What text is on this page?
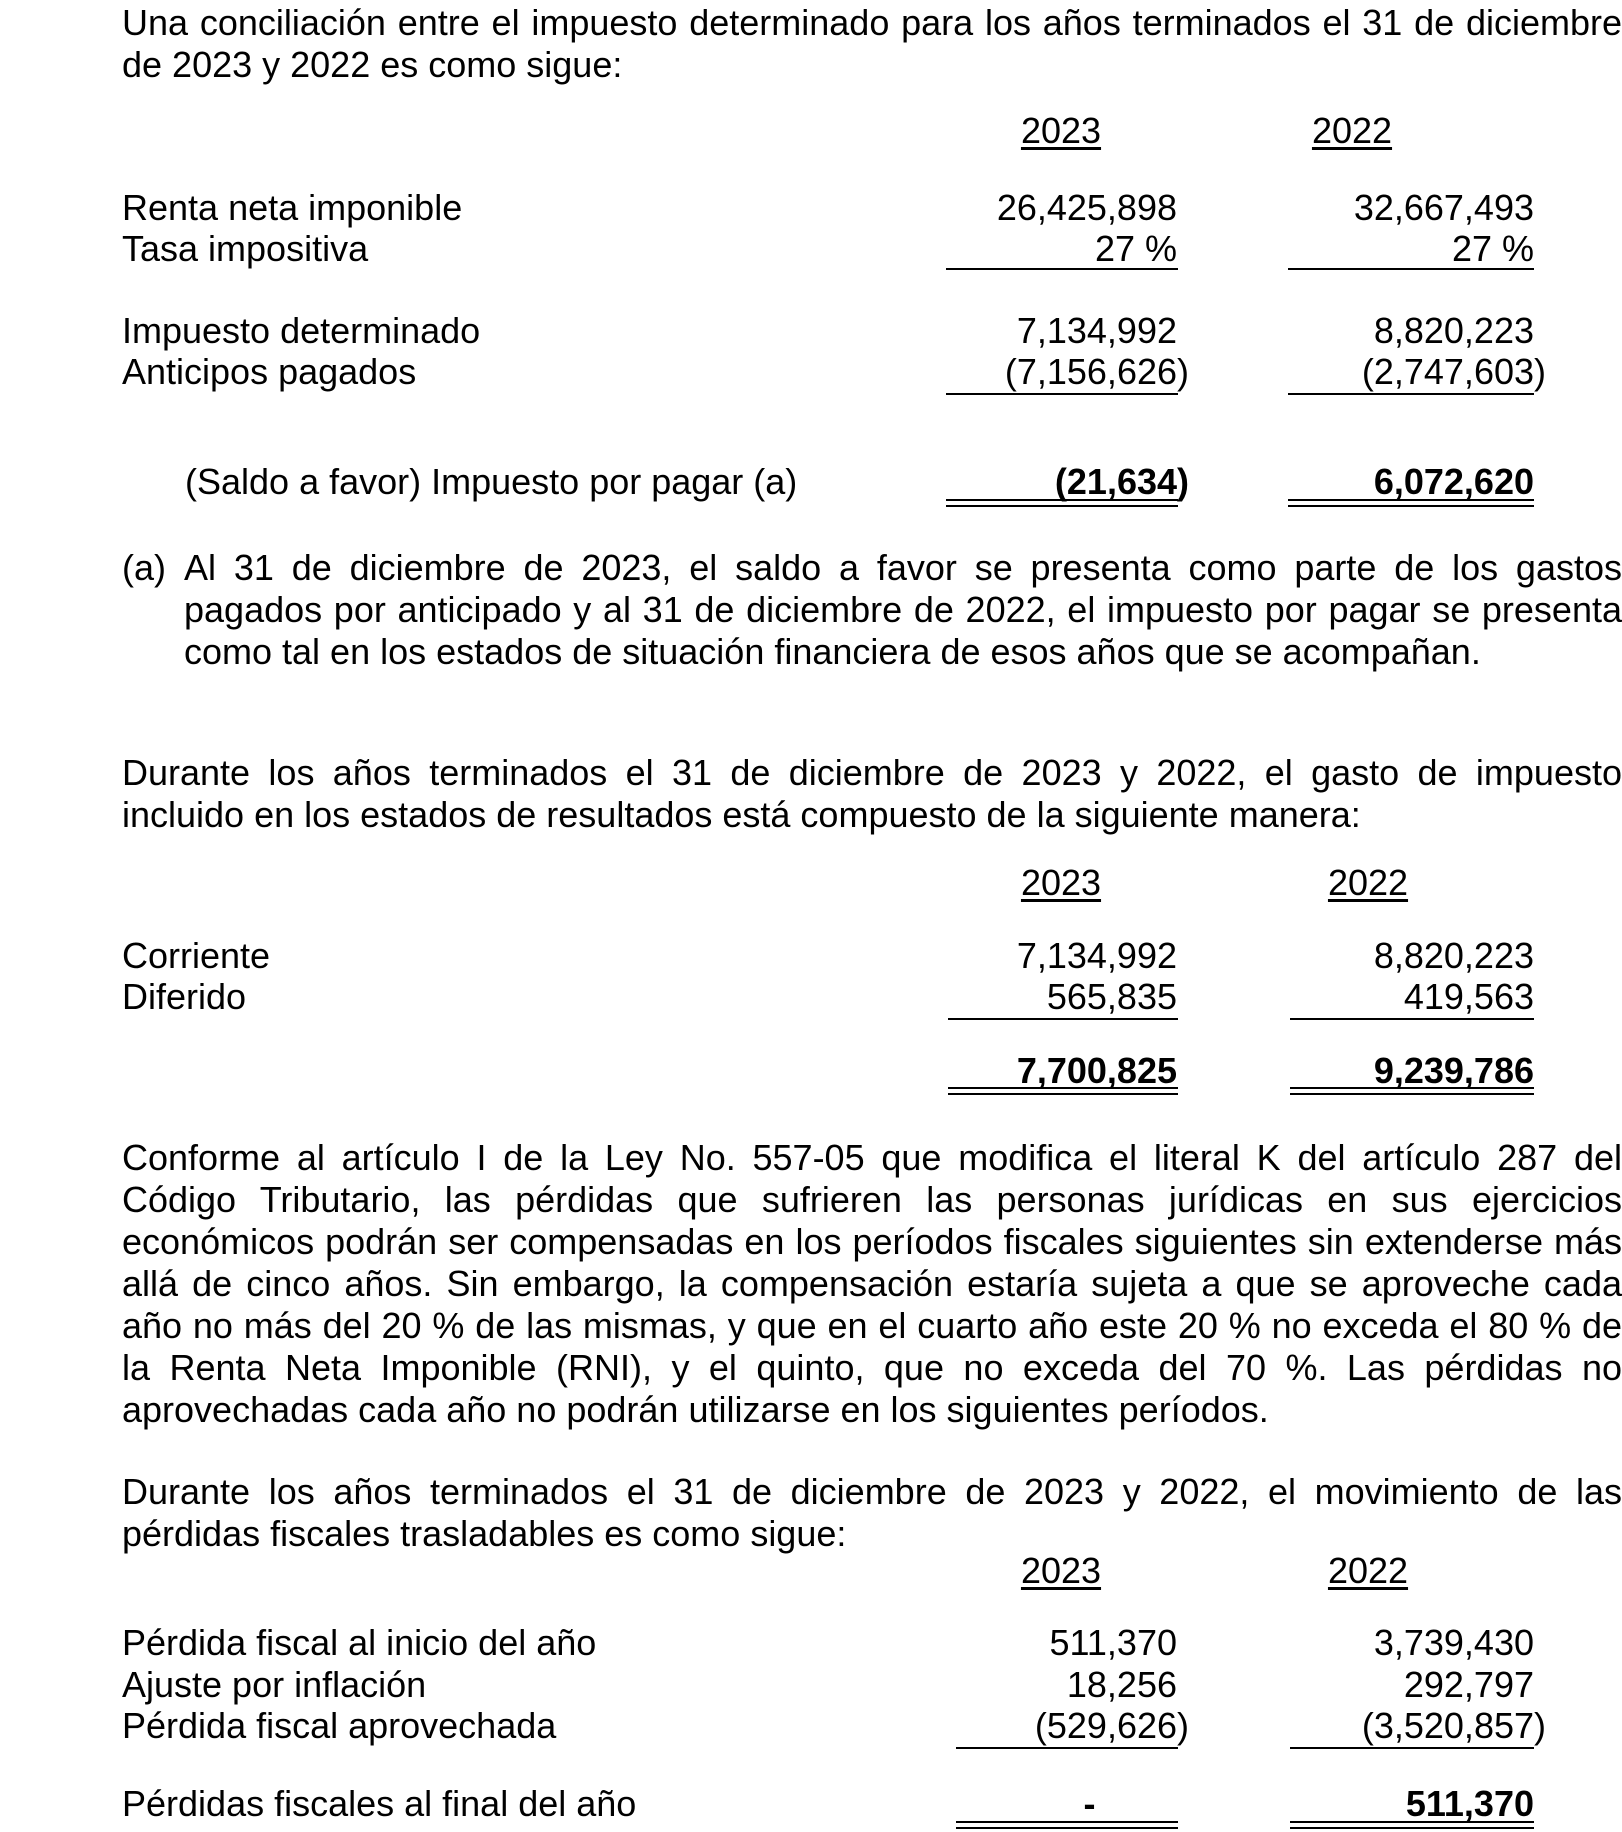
Una conciliación entre el impuesto determinado para los años terminados el 31 de diciembre de 2023 y 2022 es como sigue:

2023	2022
Renta neta imponible	26,425,898	32,667,493
Tasa impositiva	27 %	27 %
Impuesto determinado	7,134,992	8,820,223
Anticipos pagados	(7,156,626)	(2,747,603)
(Saldo a favor) Impuesto por pagar (a)	(21,634)	6,072,620
(a) Al 31 de diciembre de 2023, el saldo a favor se presenta como parte de los gastos pagados por anticipado y al 31 de diciembre de 2022, el impuesto por pagar se presenta como tal en los estados de situación financiera de esos años que se acompañan.

Durante los años terminados el 31 de diciembre de 2023 y 2022, el gasto de impuesto incluido en los estados de resultados está compuesto de la siguiente manera:

2023	2022
Corriente	7,134,992	8,820,223
Diferido	565,835	419,563
7,700,825	9,239,786

Conforme al artículo I de la Ley No. 557-05 que modifica el literal K del artículo 287 del Código Tributario, las pérdidas que sufrieren las personas jurídicas en sus ejercicios económicos podrán ser compensadas en los períodos fiscales siguientes sin extenderse más allá de cinco años. Sin embargo, la compensación estaría sujeta a que se aproveche cada año no más del 20 % de las mismas, y que en el cuarto año este 20 % no exceda el 80 % de la Renta Neta Imponible (RNI), y el quinto, que no exceda del 70 %. Las pérdidas no aprovechadas cada año no podrán utilizarse en los siguientes períodos.

Durante los años terminados el 31 de diciembre de 2023 y 2022, el movimiento de las pérdidas fiscales trasladables es como sigue:

2023	2022
Pérdida fiscal al inicio del año	511,370	3,739,430
Ajuste por inflación	18,256	292,797
Pérdida fiscal aprovechada	(529,626)	(3,520,857)
Pérdidas fiscales al final del año	-	511,370
